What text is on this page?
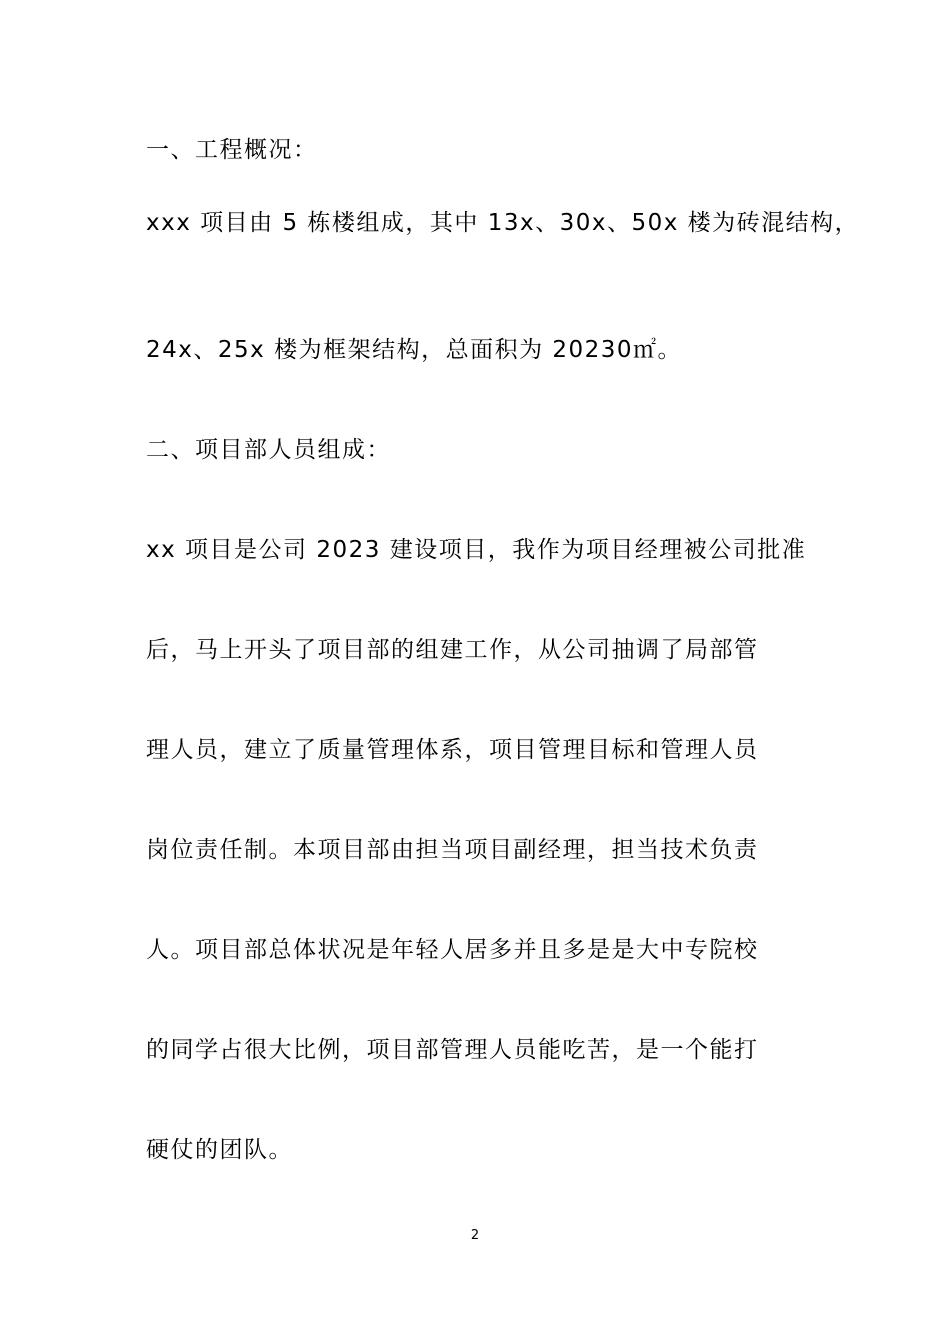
一、工程概况：
xxx 项目由 5 栋楼组成，其中 13x、30x、50x 楼为砖混结构，
24x、25x 楼为框架结构，总面积为 20230㎡。
二、项目部人员组成：
xx 项目是公司 2023 建设项目，我作为项目经理被公司批准
后，马上开头了项目部的组建工作，从公司抽调了局部管
理人员，建立了质量管理体系，项目管理目标和管理人员
岗位责任制。本项目部由担当项目副经理，担当技术负责
人。项目部总体状况是年轻人居多并且多是是大中专院校
的同学占很大比例，项目部管理人员能吃苦，是一个能打
硬仗的团队。
2
